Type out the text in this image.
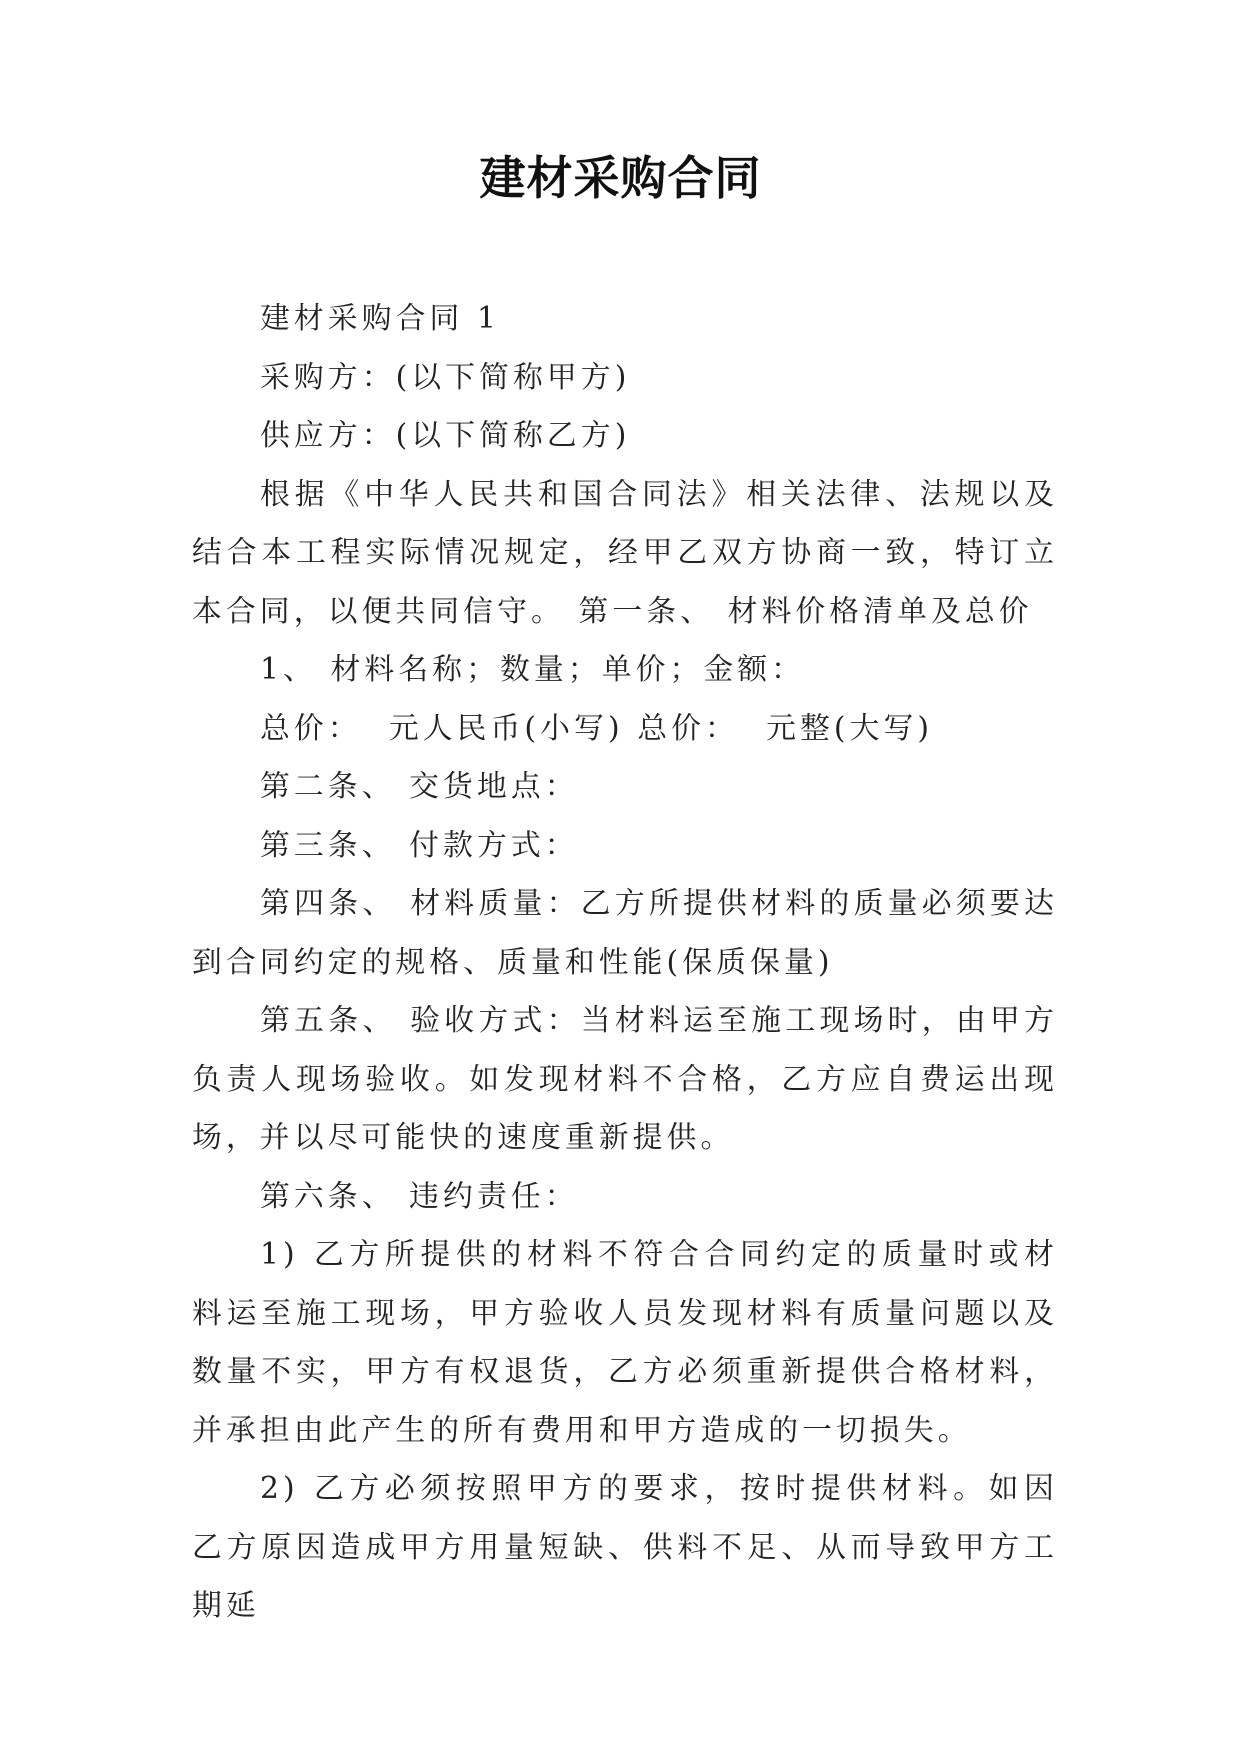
建材采购合同

建材采购合同 1

采购方：(以下简称甲方)

供应方：(以下简称乙方)

根据《中华人民共和国合同法》相关法律、法规以及结合本工程实际情况规定，经甲乙双方协商一致，特订立本合同，以便共同信守。 第一条、 材料价格清单及总价

1、 材料名称；数量；单价；金额：

总价：  元人民币(小写) 总价：  元整(大写)

第二条、 交货地点：

第三条、 付款方式：

第四条、 材料质量：乙方所提供材料的质量必须要达到合同约定的规格、质量和性能(保质保量)

第五条、 验收方式：当材料运至施工现场时，由甲方负责人现场验收。如发现材料不合格，乙方应自费运出现场，并以尽可能快的速度重新提供。

第六条、 违约责任：

1) 乙方所提供的材料不符合合同约定的质量时或材料运至施工现场，甲方验收人员发现材料有质量问题以及数量不实，甲方有权退货，乙方必须重新提供合格材料，并承担由此产生的所有费用和甲方造成的一切损失。

2) 乙方必须按照甲方的要求，按时提供材料。如因乙方原因造成甲方用量短缺、供料不足、从而导致甲方工期延
